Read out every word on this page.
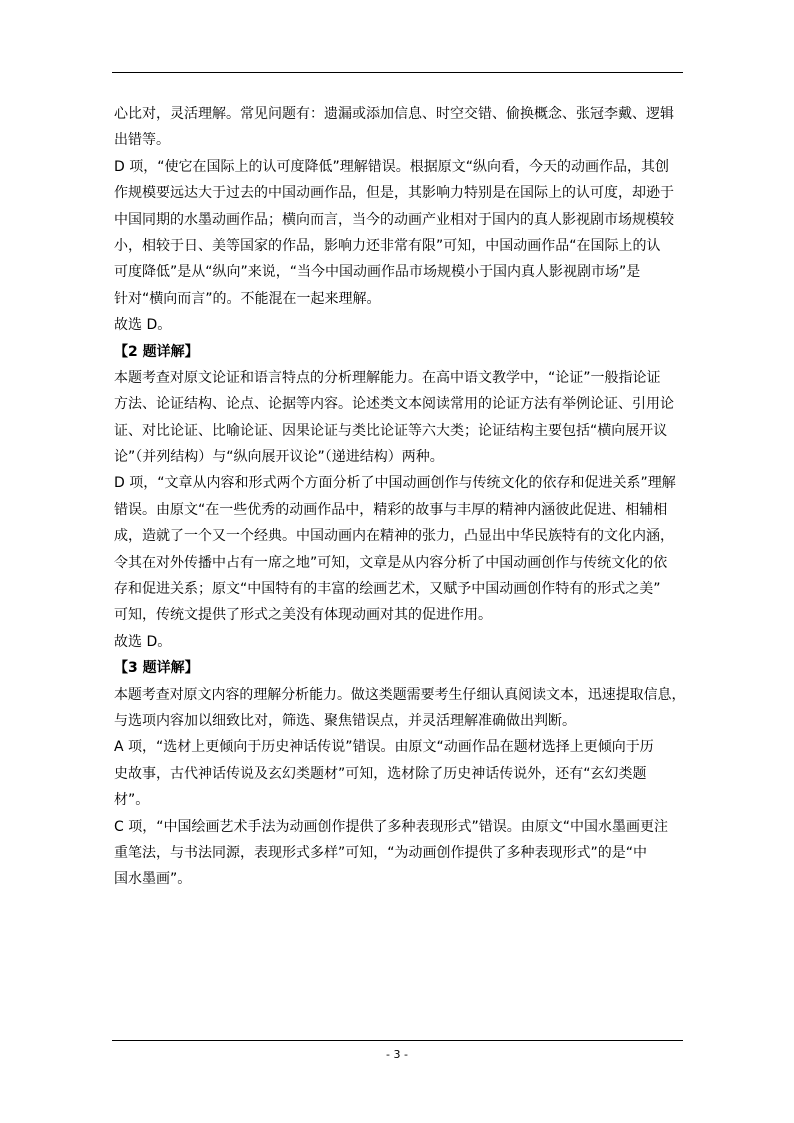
心比对，灵活理解。常见问题有：遗漏或添加信息、时空交错、偷换概念、张冠李戴、逻辑
出错等。
D 项，“使它在国际上的认可度降低”理解错误。根据原文“纵向看，今天的动画作品，其创
作规模要远达大于过去的中国动画作品，但是，其影响力特别是在国际上的认可度，却逊于
中国同期的水墨动画作品；横向而言，当今的动画产业相对于国内的真人影视剧市场规模较
小，相较于日、美等国家的作品，影响力还非常有限”可知，中国动画作品“在国际上的认
可度降低”是从“纵向”来说，“当今中国动画作品市场规模小于国内真人影视剧市场”是
针对“横向而言”的。不能混在一起来理解。
故选 D。
【2 题详解】
本题考查对原文论证和语言特点的分析理解能力。在高中语文教学中，“论证”一般指论证
方法、论证结构、论点、论据等内容。论述类文本阅读常用的论证方法有举例论证、引用论
证、对比论证、比喻论证、因果论证与类比论证等六大类；论证结构主要包括“横向展开议
论”（并列结构）与“纵向展开议论”（递进结构）两种。
D 项，“文章从内容和形式两个方面分析了中国动画创作与传统文化的依存和促进关系”理解
错误。由原文“在一些优秀的动画作品中，精彩的故事与丰厚的精神内涵彼此促进、相辅相
成，造就了一个又一个经典。中国动画内在精神的张力，凸显出中华民族特有的文化内涵，
令其在对外传播中占有一席之地”可知，文章是从内容分析了中国动画创作与传统文化的依
存和促进关系；原文“中国特有的丰富的绘画艺术，又赋予中国动画创作特有的形式之美”
可知，传统文提供了形式之美没有体现动画对其的促进作用。
故选 D。
【3 题详解】
本题考查对原文内容的理解分析能力。做这类题需要考生仔细认真阅读文本，迅速提取信息，
与选项内容加以细致比对，筛选、聚焦错误点，并灵活理解准确做出判断。
A 项，“选材上更倾向于历史神话传说”错误。由原文“动画作品在题材选择上更倾向于历
史故事，古代神话传说及玄幻类题材”可知，选材除了历史神话传说外，还有“玄幻类题
材”。
C 项，“中国绘画艺术手法为动画创作提供了多种表现形式”错误。由原文“中国水墨画更注
重笔法，与书法同源，表现形式多样”可知，“为动画创作提供了多种表现形式”的是“中
国水墨画”。
- 3 -
